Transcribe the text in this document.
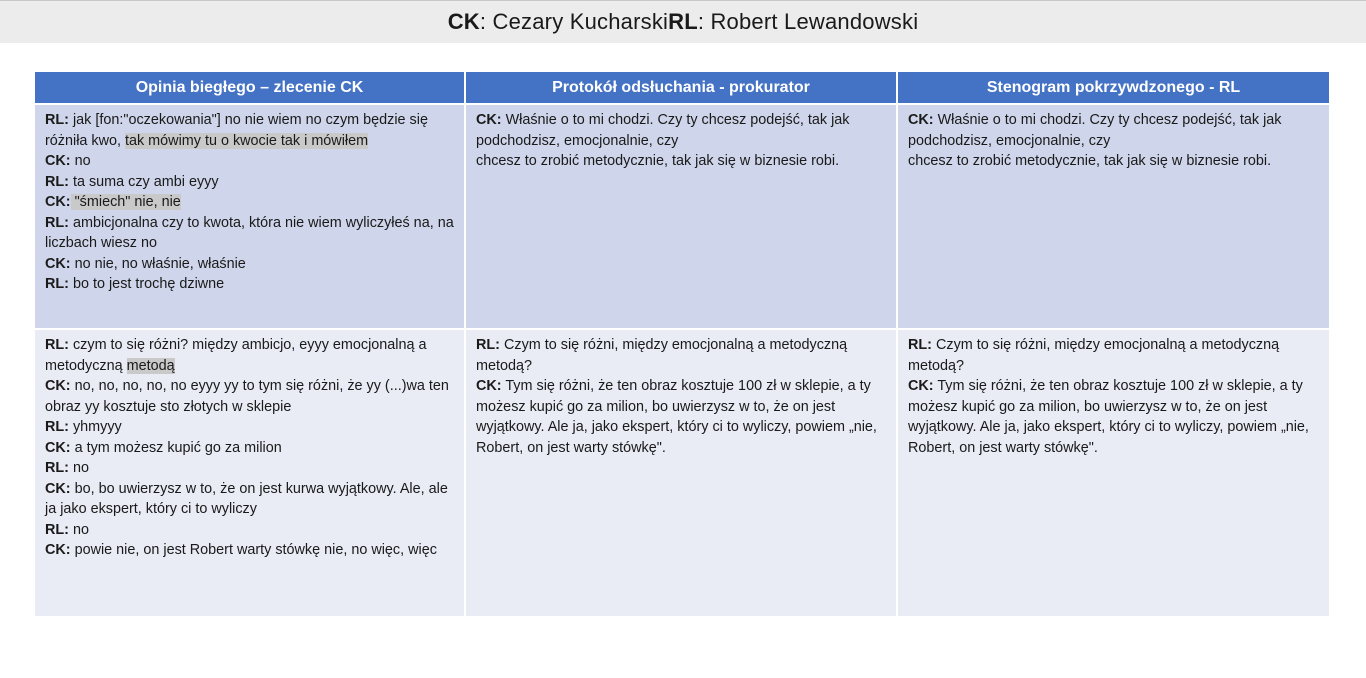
CK : Cezary Kucharski RL : Robert Lewandowski
Opinia biegłego – zlecenie CK	Protokół odsłuchania - prokurator	Stenogram pokrzywdzonego - RL
RL: jak [fon:"oczekowania"] no nie wiem no czym będzie się różniła kwo, tak mówimy tu o kwocie tak i mówiłem
CK: no
RL: ta suma czy ambi eyyy
CK: "śmiech" nie, nie
RL: ambicjonalna czy to kwota, która nie wiem wyliczyłeś na, na liczbach wiesz no
CK: no nie, no właśnie, właśnie
RL: bo to jest trochę dziwne
CK: Właśnie o to mi chodzi. Czy ty chcesz podejść, tak jak podchodzisz, emocjonalnie, czy
chcesz to zrobić metodycznie, tak jak się w biznesie robi.
CK: Właśnie o to mi chodzi. Czy ty chcesz podejść, tak jak podchodzisz, emocjonalnie, czy
chcesz to zrobić metodycznie, tak jak się w biznesie robi.
RL: czym to się różni? między ambicjo, eyyy emocjonalną a metodyczną metodą
CK: no, no, no, no, no eyyy yy to tym się różni, że yy (...)wa ten obraz yy kosztuje sto złotych w sklepie
RL: yhmyyy
CK: a tym możesz kupić go za milion
RL: no
CK: bo, bo uwierzysz w to, że on jest kurwa wyjątkowy. Ale, ale ja jako ekspert, który ci to wyliczy
RL: no
CK: powie nie, on jest Robert warty stówkę nie, no więc, więc
RL: Czym to się różni, między emocjonalną a metodyczną metodą?
CK: Tym się różni, że ten obraz kosztuje 100 zł w sklepie, a ty możesz kupić go za milion, bo uwierzysz w to, że on jest wyjątkowy. Ale ja, jako ekspert, który ci to wyliczy, powiem „nie, Robert, on jest warty stówkę".
RL: Czym to się różni, między emocjonalną a metodyczną metodą?
CK: Tym się różni, że ten obraz kosztuje 100 zł w sklepie, a ty możesz kupić go za milion, bo uwierzysz w to, że on jest wyjątkowy. Ale ja, jako ekspert, który ci to wyliczy, powiem „nie, Robert, on jest warty stówkę".
